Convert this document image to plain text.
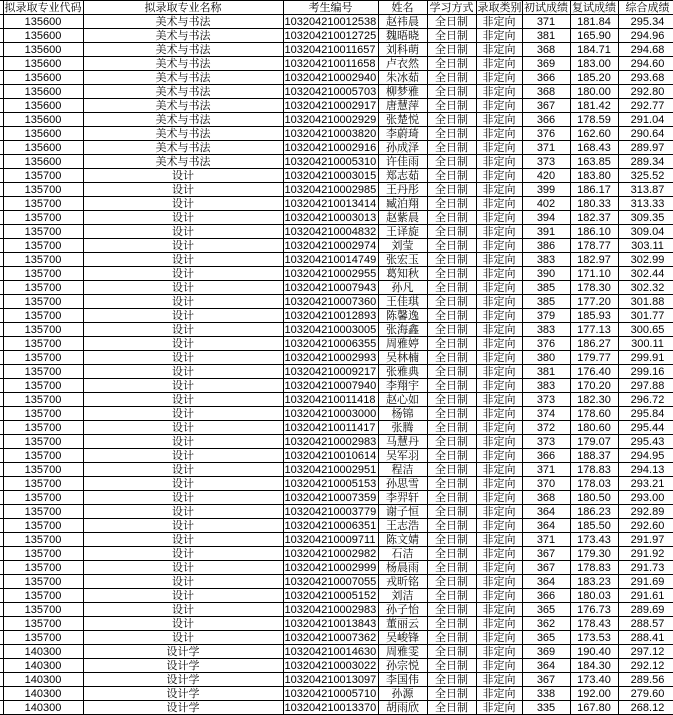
	拟录取专业代码	拟录取专业名称	考生编号	姓名	学习方式	录取类别	初试成绩	复试成绩	综合成绩
	135600	美术与书法	103204210012538	赵祎晨	全日制	非定向	371	181.84	295.34
	135600	美术与书法	103204210012725	魏晤晓	全日制	非定向	381	165.90	294.96
	135600	美术与书法	103204210011657	刘科萌	全日制	非定向	368	184.71	294.68
	135600	美术与书法	103204210011658	卢衣然	全日制	非定向	369	183.00	294.60
	135600	美术与书法	103204210002940	朱冰茹	全日制	非定向	366	185.20	293.68
	135600	美术与书法	103204210005703	柳梦雅	全日制	非定向	368	180.00	292.80
	135600	美术与书法	103204210002917	唐慧萍	全日制	非定向	367	181.42	292.77
	135600	美术与书法	103204210002929	张楚悦	全日制	非定向	366	178.59	291.04
	135600	美术与书法	103204210003820	李蔚琦	全日制	非定向	376	162.60	290.64
	135600	美术与书法	103204210002916	孙成泽	全日制	非定向	371	168.43	289.97
	135600	美术与书法	103204210005310	许佳雨	全日制	非定向	373	163.85	289.34
	135700	设计	103204210003015	郑志茹	全日制	非定向	420	183.80	325.52
	135700	设计	103204210002985	王丹彤	全日制	非定向	399	186.17	313.87
	135700	设计	103204210013414	臧泊翔	全日制	非定向	402	180.33	313.33
	135700	设计	103204210003013	赵紫晨	全日制	非定向	394	182.37	309.35
	135700	设计	103204210004832	王译旋	全日制	非定向	391	186.10	309.04
	135700	设计	103204210002974	刘莹	全日制	非定向	386	178.77	303.11
	135700	设计	103204210014749	张宏玉	全日制	非定向	383	182.97	302.99
	135700	设计	103204210002955	葛知秋	全日制	非定向	390	171.10	302.44
	135700	设计	103204210007943	孙凡	全日制	非定向	385	178.30	302.32
	135700	设计	103204210007360	王佳琪	全日制	非定向	385	177.20	301.88
	135700	设计	103204210012893	陈馨逸	全日制	非定向	379	185.93	301.77
	135700	设计	103204210003005	张海鑫	全日制	非定向	383	177.13	300.65
	135700	设计	103204210006355	周雅婷	全日制	非定向	376	186.27	300.11
	135700	设计	103204210002993	吴林楠	全日制	非定向	380	179.77	299.91
	135700	设计	103204210009217	张雅典	全日制	非定向	381	176.40	299.16
	135700	设计	103204210007940	李翔宇	全日制	非定向	383	170.20	297.88
	135700	设计	103204210011418	赵心如	全日制	非定向	373	182.30	296.72
	135700	设计	103204210003000	杨锦	全日制	非定向	374	178.60	295.84
	135700	设计	103204210011417	张腾	全日制	非定向	372	180.60	295.44
	135700	设计	103204210002983	马慧丹	全日制	非定向	373	179.07	295.43
	135700	设计	103204210010614	吴军羽	全日制	非定向	366	188.37	294.95
	135700	设计	103204210002951	程洁	全日制	非定向	371	178.83	294.13
	135700	设计	103204210005153	孙思雪	全日制	非定向	370	178.03	293.21
	135700	设计	103204210007359	李羿轩	全日制	非定向	368	180.50	293.00
	135700	设计	103204210003779	谢子恒	全日制	非定向	364	186.23	292.89
	135700	设计	103204210006351	王志浩	全日制	非定向	364	185.50	292.60
	135700	设计	103204210009711	陈文婧	全日制	非定向	371	173.43	291.97
	135700	设计	103204210002982	石洁	全日制	非定向	367	179.30	291.92
	135700	设计	103204210002999	杨晨雨	全日制	非定向	367	178.83	291.73
	135700	设计	103204210007055	戎昕铭	全日制	非定向	364	183.23	291.69
	135700	设计	103204210005152	刘洁	全日制	非定向	366	180.03	291.61
	135700	设计	103204210002983	孙子怡	全日制	非定向	365	176.73	289.69
	135700	设计	103204210013843	董丽云	全日制	非定向	362	178.43	288.57
	135700	设计	103204210007362	吴峻锋	全日制	非定向	365	173.53	288.41
	140300	设计学	103204210014630	周雅雯	全日制	非定向	369	190.40	297.12
	140300	设计学	103204210003022	孙宗悦	全日制	非定向	364	184.30	292.12
	140300	设计学	103204210013097	李国伟	全日制	非定向	367	173.40	289.56
	140300	设计学	103204210005710	孙源	全日制	非定向	338	192.00	279.60
	140300	设计学	103204210013370	胡雨欣	全日制	非定向	335	167.80	268.12
